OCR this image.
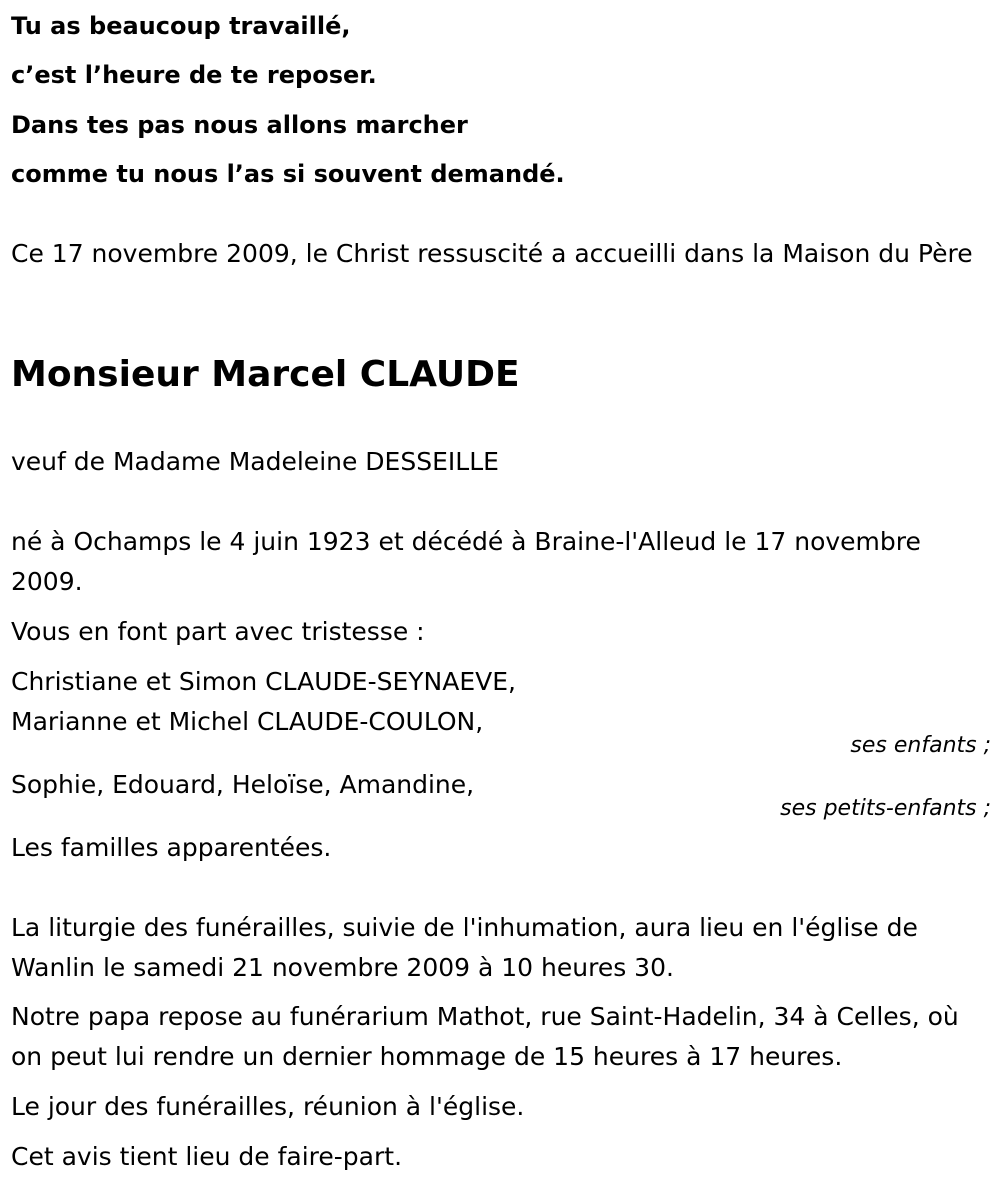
Tu as beaucoup travaillé,
c’est l’heure de te reposer.
Dans tes pas nous allons marcher
comme tu nous l’as si souvent demandé.
Ce 17 novembre 2009, le Christ ressuscité a accueilli dans la Maison du Père
Monsieur Marcel CLAUDE
veuf de Madame Madeleine DESSEILLE
né à Ochamps le 4 juin 1923 et décédé à Braine-l'Alleud le 17 novembre 2009.
Vous en font part avec tristesse :
Christiane et Simon CLAUDE-SEYNAEVE,
Marianne et Michel CLAUDE-COULON,
ses enfants ;
Sophie, Edouard, Heloïse, Amandine,
ses petits-enfants ;
Les familles apparentées.
La liturgie des funérailles, suivie de l'inhumation, aura lieu en l'église de Wanlin le samedi 21 novembre 2009 à 10 heures 30.
Notre papa repose au funérarium Mathot, rue Saint-Hadelin, 34 à Celles, où on peut lui rendre un dernier hommage de 15 heures à 17 heures.
Le jour des funérailles, réunion à l'église.
Cet avis tient lieu de faire-part.
